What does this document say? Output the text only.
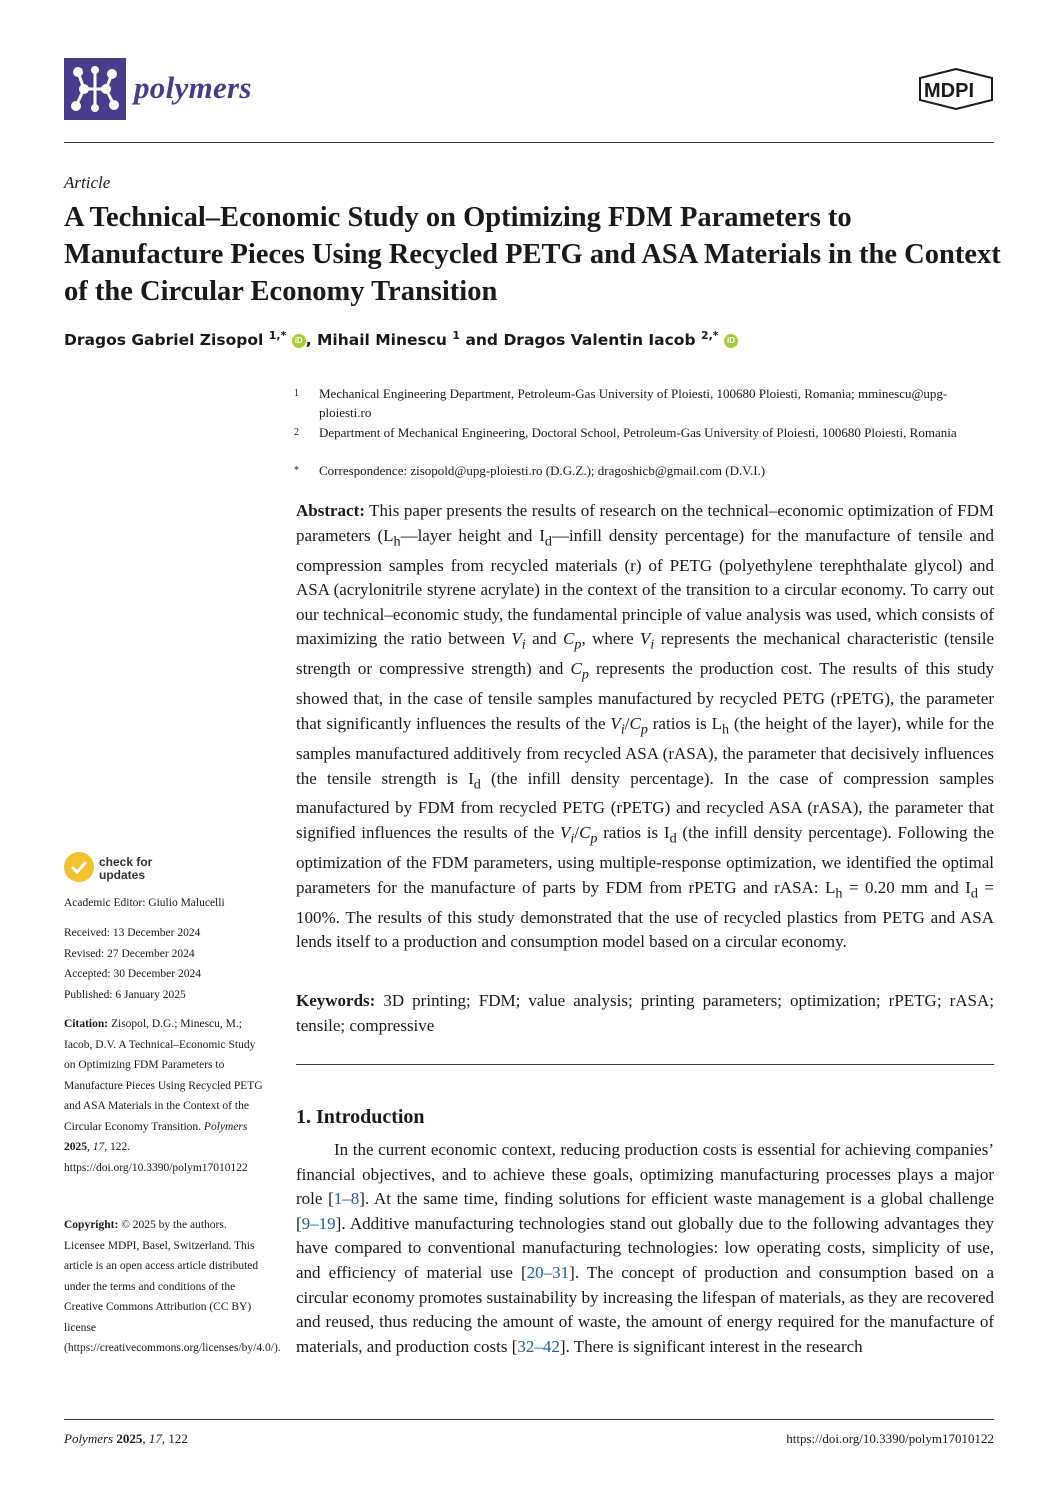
polymers	MDPI
Article
A Technical–Economic Study on Optimizing FDM Parameters to Manufacture Pieces Using Recycled PETG and ASA Materials in the Context of the Circular Economy Transition
Dragos Gabriel Zisopol $^{1,*}$ iD , Mihail Minescu $^1$ and Dragos Valentin Iacob $^{2,*}$ iD
1 Mechanical Engineering Department, Petroleum-Gas University of Ploiesti, 100680 Ploiesti, Romania; mminescu@upg-ploiesti.ro
2 Department of Mechanical Engineering, Doctoral School, Petroleum-Gas University of Ploiesti, 100680 Ploiesti, Romania
* Correspondence: zisopold@upg-ploiesti.ro (D.G.Z.); dragoshicb@gmail.com (D.V.I.)
Abstract: This paper presents the results of research on the technical–economic optimization of FDM parameters ($L_h—layer$ height and $I_d—infill$ density percentage) for the manufacture of tensile and compression samples from recycled materials (r) of PETG (polyethylene terephthalate glycol) and ASA (acrylonitrile styrene acrylate) in the context of the transition to a circular economy. To carry out our technical–economic study, the fundamental principle of value analysis was used, which consists of maximizing the ratio between $V_i$ and $C_p$, where $V_i$ represents the mechanical characteristic (tensile strength or compressive strength) and $C_p$ represents the production cost. The results of this study showed that, in the case of tensile samples manufactured by recycled PETG (rPETG), the parameter that significantly influences the results of the $V_i/C_p$ ratios is $L_h$ (the height of the layer), while for the samples manufactured additively from recycled ASA (rASA), the parameter that decisively influences the tensile strength is $I_d$ (the infill density percentage). In the case of compression samples manufactured by FDM from recycled PETG (rPETG) and recycled ASA (rASA), the parameter that signified influences the results of the $V_i/C_p$ ratios is $I_d$ (the infill density percentage). Following the optimization of the FDM parameters, using multiple-response optimization, we identified the optimal parameters for the manufacture of parts by FDM from rPETG and rASA: $L_h = 0.20$ mm and $I_d = 100\%$. The results of this study demonstrated that the use of recycled plastics from PETG and ASA lends itself to a production and consumption model based on a circular economy.
Keywords: 3D printing; FDM; value analysis; printing parameters; optimization; rPETG; rASA; tensile; compressive
check for
updates
Academic Editor: Giulio Malucelli
Received: 13 December 2024
Revised: 27 December 2024
Accepted: 30 December 2024
Published: 6 January 2025
Citation: Zisopol, D.G.; Minescu, M.; Iacob, D.V. A Technical–Economic Study on Optimizing FDM Parameters to Manufacture Pieces Using Recycled PETG and ASA Materials in the Context of the Circular Economy Transition. Polymers 2025, 17, 122. https://doi.org/10.3390/polym17010122
Copyright: © 2025 by the authors. Licensee MDPI, Basel, Switzerland. This article is an open access article distributed under the terms and conditions of the Creative Commons Attribution (CC BY) license (https://creativecommons.org/licenses/by/4.0/).
1. Introduction
In the current economic context, reducing production costs is essential for achieving companies’ financial objectives, and to achieve these goals, optimizing manufacturing processes plays a major role [1–8]. At the same time, finding solutions for efficient waste management is a global challenge [9–19]. Additive manufacturing technologies stand out globally due to the following advantages they have compared to conventional manufacturing technologies: low operating costs, simplicity of use, and efficiency of material use [20–31]. The concept of production and consumption based on a circular economy promotes sustainability by increasing the lifespan of materials, as they are recovered and reused, thus reducing the amount of waste, the amount of energy required for the manufacture of materials, and production costs [32–42]. There is significant interest in the research
Polymers 2025, 17, 122	https://doi.org/10.3390/polym17010122
